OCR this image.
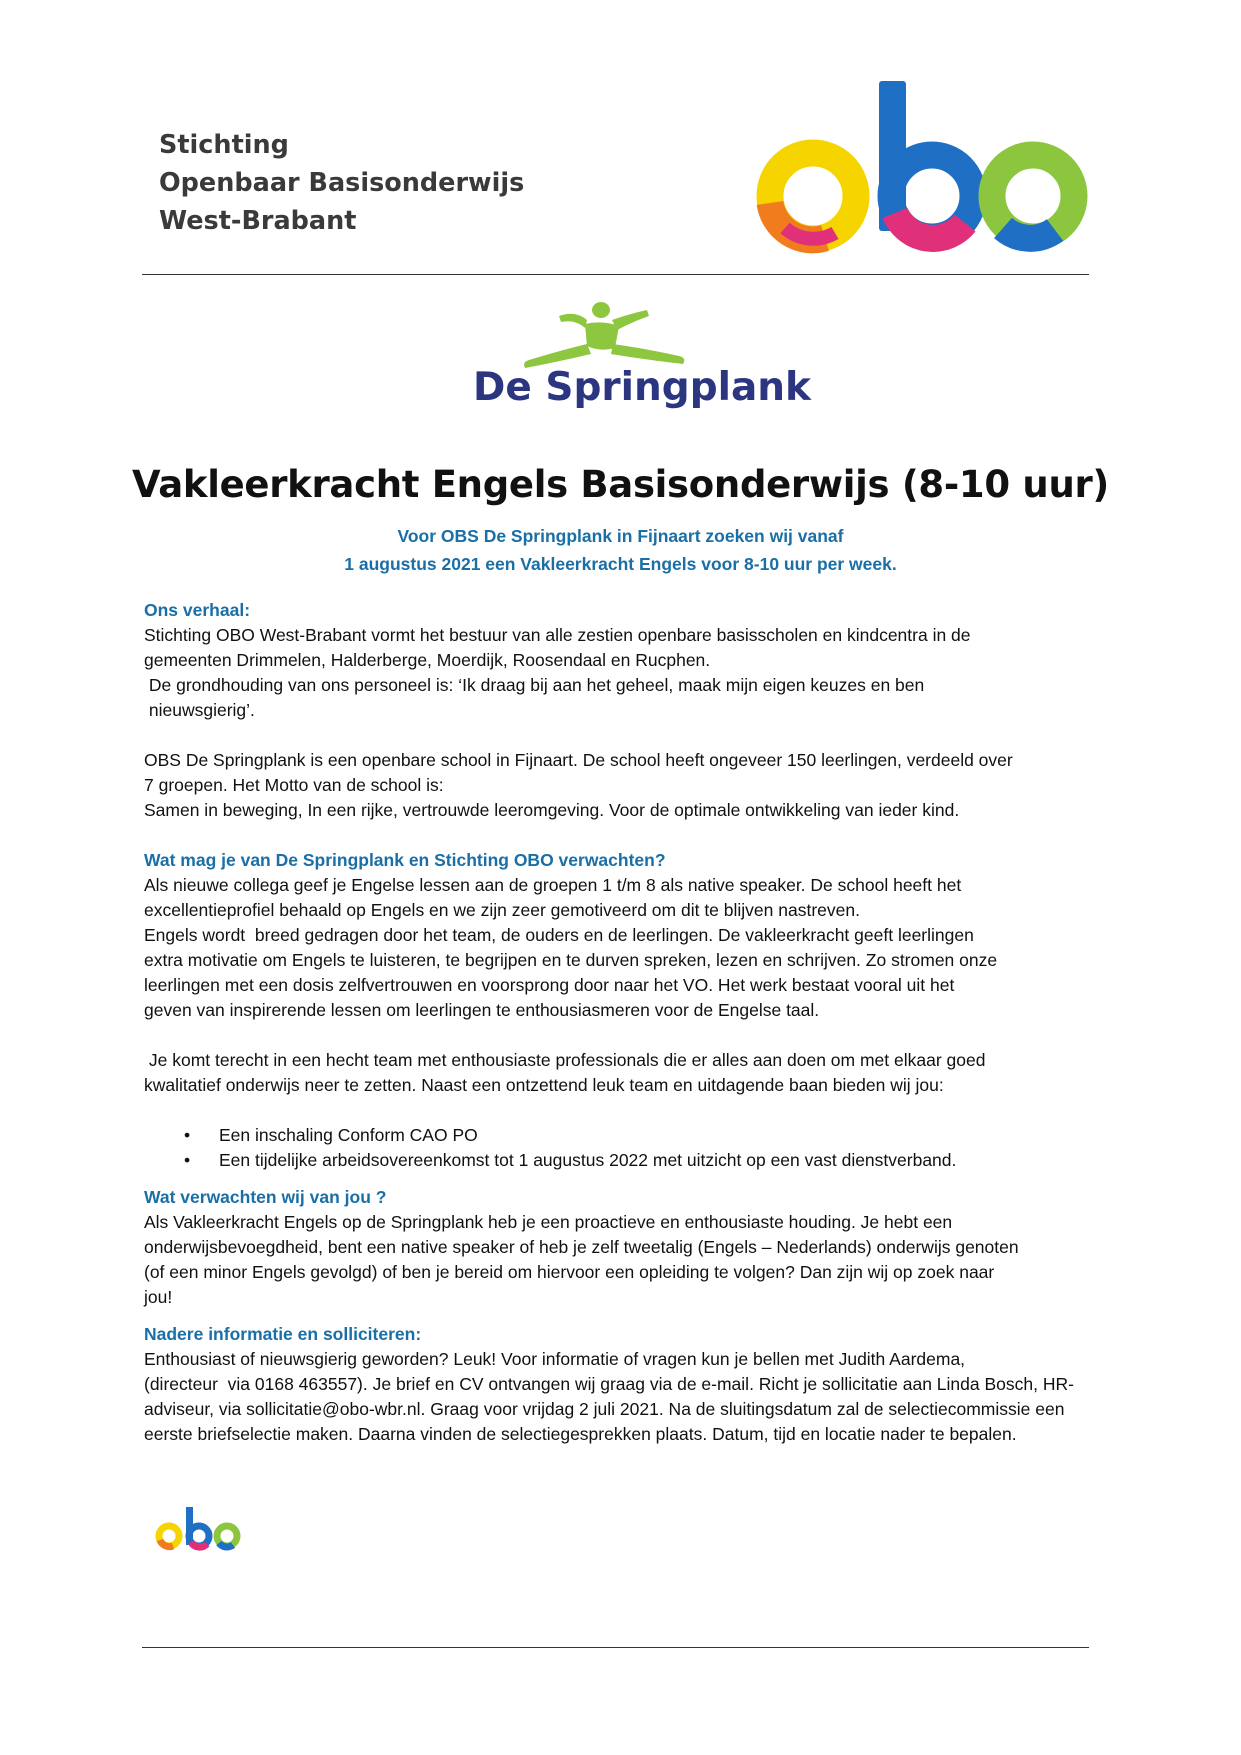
Stichting
Openbaar Basisonderwijs
West-Brabant
De Springplank
Vakleerkracht Engels Basisonderwijs (8-10 uur)
Voor OBS De Springplank in Fijnaart zoeken wij vanaf
1 augustus 2021 een Vakleerkracht Engels voor 8-10 uur per week.
Ons verhaal:

Stichting OBO West-Brabant vormt het bestuur van alle zestien openbare basisscholen en kindcentra in de
gemeenten Drimmelen, Halderberge, Moerdijk, Roosendaal en Rucphen.
De grondhouding van ons personeel is: ‘Ik draag bij aan het geheel, maak mijn eigen keuzes en ben
nieuwsgierig’.

OBS De Springplank is een openbare school in Fijnaart. De school heeft ongeveer 150 leerlingen, verdeeld over
7 groepen. Het Motto van de school is:
Samen in beweging, In een rijke, vertrouwde leeromgeving. Voor de optimale ontwikkeling van ieder kind.

Wat mag je van De Springplank en Stichting OBO verwachten?

Als nieuwe collega geef je Engelse lessen aan de groepen 1 t/m 8 als native speaker. De school heeft het
excellentieprofiel behaald op Engels en we zijn zeer gemotiveerd om dit te blijven nastreven.
Engels wordt  breed gedragen door het team, de ouders en de leerlingen. De vakleerkracht geeft leerlingen
extra motivatie om Engels te luisteren, te begrijpen en te durven spreken, lezen en schrijven. Zo stromen onze
leerlingen met een dosis zelfvertrouwen en voorsprong door naar het VO. Het werk bestaat vooral uit het
geven van inspirerende lessen om leerlingen te enthousiasmeren voor de Engelse taal.

Je komt terecht in een hecht team met enthousiaste professionals die er alles aan doen om met elkaar goed
kwalitatief onderwijs neer te zetten. Naast een ontzettend leuk team en uitdagende baan bieden wij jou:

• Een inschaling Conform CAO PO
• Een tijdelijke arbeidsovereenkomst tot 1 augustus 2022 met uitzicht op een vast dienstverband.
Wat verwachten wij van jou ?

Als Vakleerkracht Engels op de Springplank heb je een proactieve en enthousiaste houding. Je hebt een
onderwijsbevoegdheid, bent een native speaker of heb je zelf tweetalig (Engels – Nederlands) onderwijs genoten
(of een minor Engels gevolgd) of ben je bereid om hiervoor een opleiding te volgen? Dan zijn wij op zoek naar
jou!

Nadere informatie en solliciteren:

Enthousiast of nieuwsgierig geworden? Leuk! Voor informatie of vragen kun je bellen met Judith Aardema,
(directeur  via 0168 463557). Je brief en CV ontvangen wij graag via de e-mail. Richt je sollicitatie aan Linda Bosch, HR-
adviseur, via sollicitatie@obo-wbr.nl. Graag voor vrijdag 2 juli 2021. Na de sluitingsdatum zal de selectiecommissie een
eerste briefselectie maken. Daarna vinden de selectiegesprekken plaats. Datum, tijd en locatie nader te bepalen.
